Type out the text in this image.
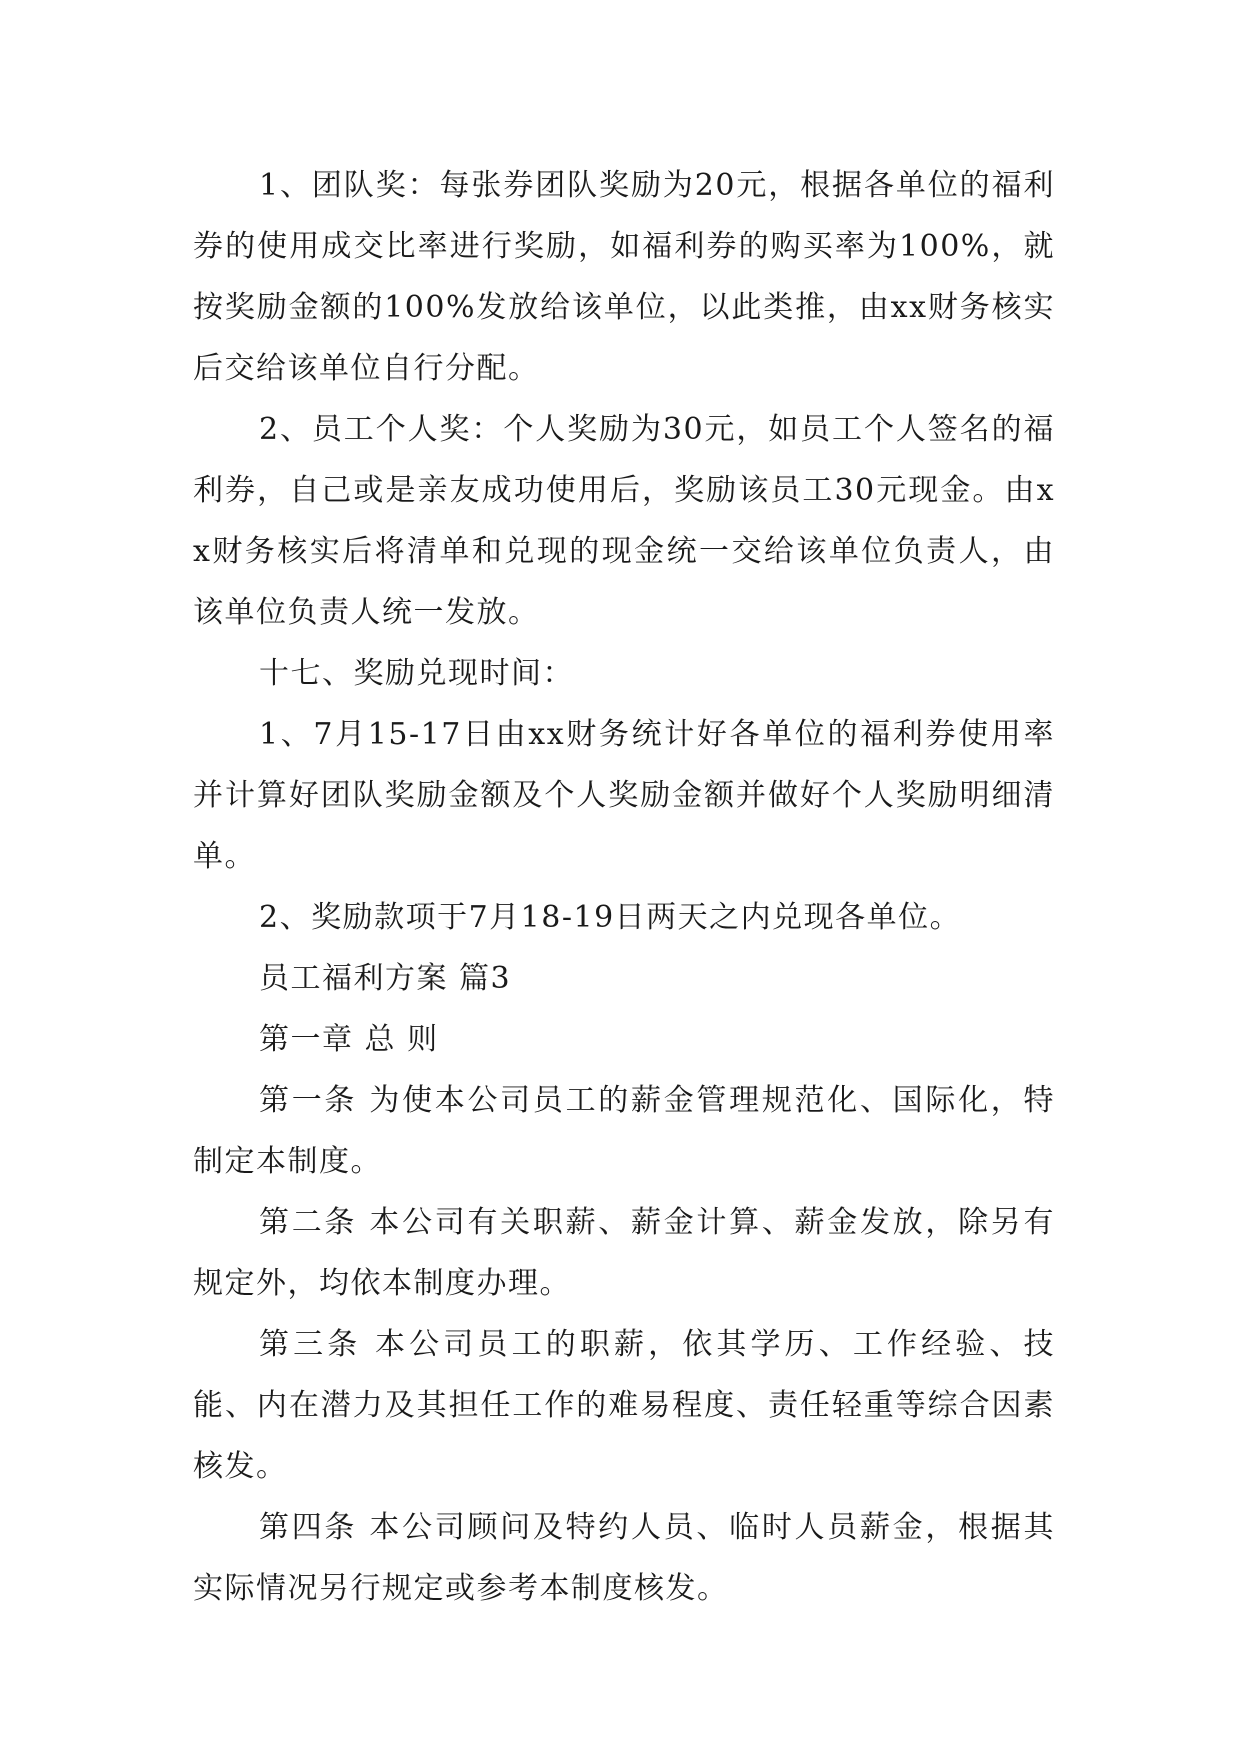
1、团队奖：每张券团队奖励为20元，根据各单位的福利券的使用成交比率进行奖励，如福利券的购买率为100%，就按奖励金额的100%发放给该单位，以此类推，由xx财务核实后交给该单位自行分配。

2、员工个人奖：个人奖励为30元，如员工个人签名的福利券，自己或是亲友成功使用后，奖励该员工30元现金。由xx财务核实后将清单和兑现的现金统一交给该单位负责人，由该单位负责人统一发放。

十七、奖励兑现时间：

1、7月15-17日由xx财务统计好各单位的福利券使用率并计算好团队奖励金额及个人奖励金额并做好个人奖励明细清单。

2、奖励款项于7月18-19日两天之内兑现各单位。

员工福利方案 篇3

第一章 总 则

第一条 为使本公司员工的薪金管理规范化、国际化，特制定本制度。

第二条 本公司有关职薪、薪金计算、薪金发放，除另有规定外，均依本制度办理。

第三条 本公司员工的职薪，依其学历、工作经验、技能、内在潜力及其担任工作的难易程度、责任轻重等综合因素核发。

第四条 本公司顾问及特约人员、临时人员薪金，根据其实际情况另行规定或参考本制度核发。
